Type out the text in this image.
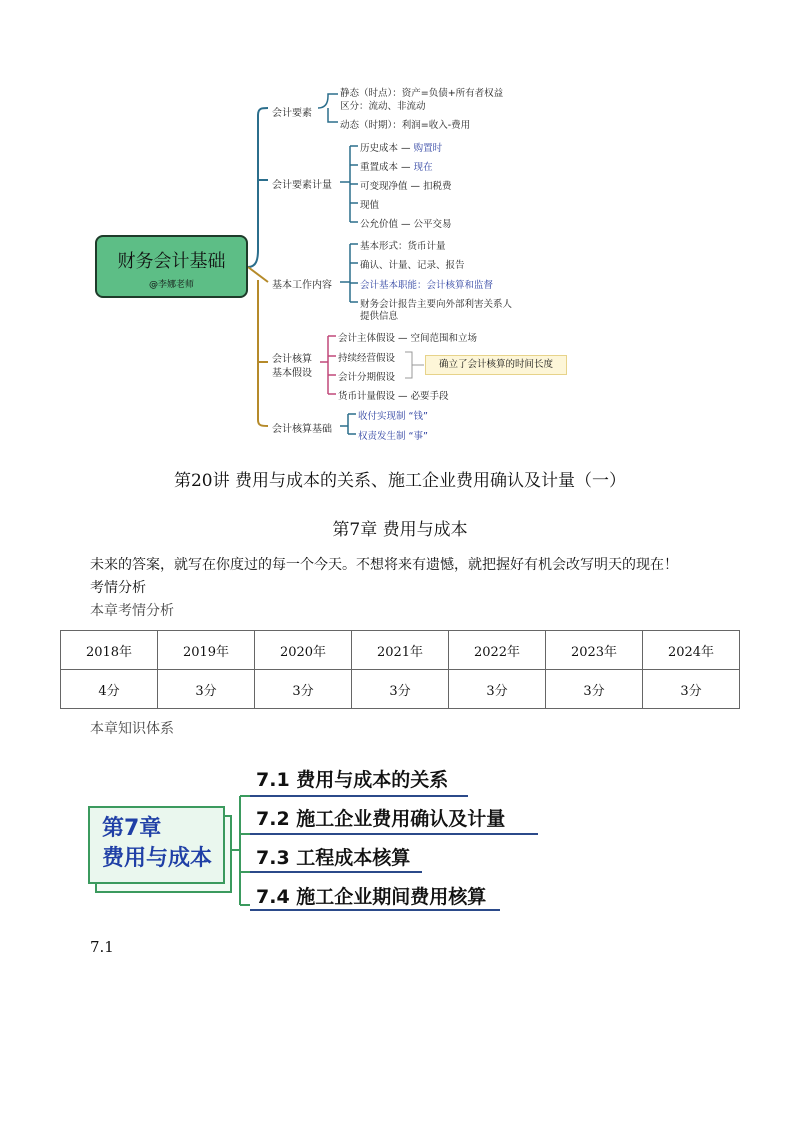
财务会计基础
@李娜老师
会计要素
静态（时点）：资产=负债+所有者权益
区分：流动、非流动
动态（时期）：利润=收入-费用
会计要素计量
历史成本 — 购置时
重置成本 — 现在
可变现净值 — 扣税费
现值
公允价值 — 公平交易
基本工作内容
基本形式：货币计量
确认、计量、记录、报告
会计基本职能：会计核算和监督
财务会计报告主要向外部利害关系人
提供信息
会计核算
基本假设
会计主体假设 — 空间范围和立场
持续经营假设
会计分期假设
确立了会计核算的时间长度
货币计量假设 — 必要手段
会计核算基础
收付实现制 “钱”
权责发生制 “事”
第20讲 费用与成本的关系、施工企业费用确认及计量（一）
第7章 费用与成本
未来的答案，就写在你度过的每一个今天。不想将来有遗憾，就把握好有机会改写明天的现在！
考情分析
本章考情分析
2018年	2019年	2020年	2021年	2022年	2023年	2024年
4分	3分	3分	3分	3分	3分	3分
本章知识体系
第7章
费用与成本
7.1 费用与成本的关系
7.2 施工企业费用确认及计量
7.3 工程成本核算
7.4 施工企业期间费用核算
7.1
